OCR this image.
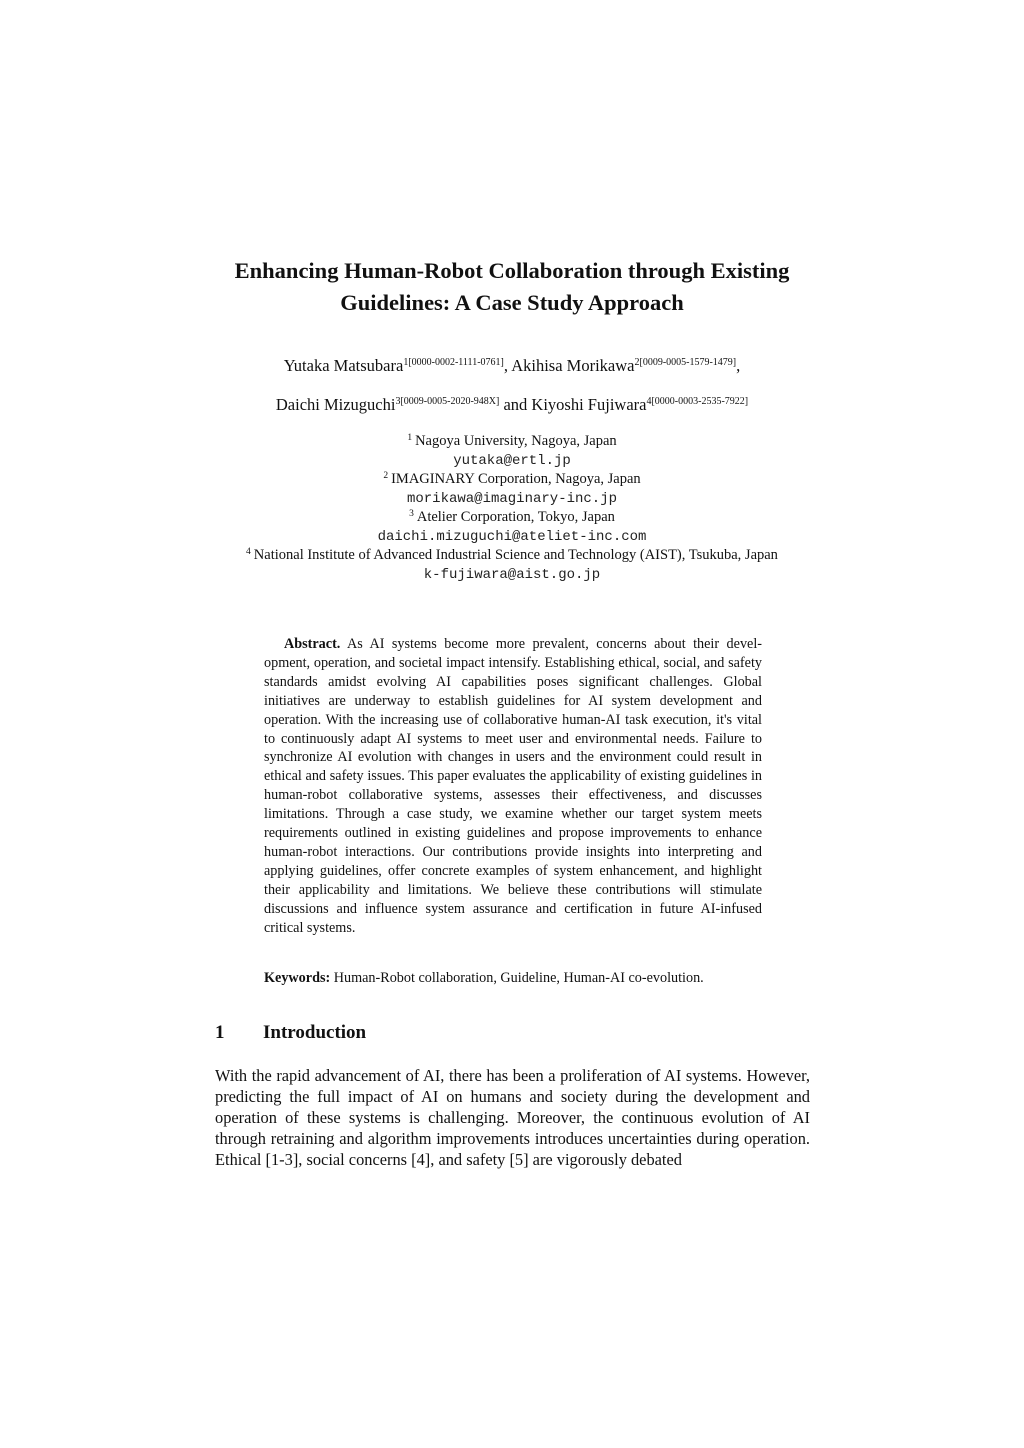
Enhancing Human-Robot Collaboration through Existing
Guidelines: A Case Study Approach
Yutaka Matsubara$^{1[0000-0002-1111-0761]}$, Akihisa Morikawa$^{2[0009-0005-1579-1479]}$,
Daichi Mizuguchi$^{3[0009-0005-2020-948X]}$ and Kiyoshi Fujiwara$^{4[0000-0003-2535-7922]}$
$^1$ Nagoya University, Nagoya, Japan
yutaka@ertl.jp
$^2$ IMAGINARY Corporation, Nagoya, Japan
morikawa@imaginary-inc.jp
$^3$ Atelier Corporation, Tokyo, Japan
daichi.mizuguchi@ateliet-inc.com
$^4$ National Institute of Advanced Industrial Science and Technology (AIST), Tsukuba, Japan
k-fujiwara@aist.go.jp
Abstract. As AI systems become more prevalent, concerns about their development, operation, and societal impact intensify. Establishing ethical, social, and safety standards amidst evolving AI capabilities poses significant challenges. Global initiatives are underway to establish guidelines for AI system development and operation. With the increasing use of collaborative human-AI task execution, it's vital to continuously adapt AI systems to meet user and environmental needs. Failure to synchronize AI evolution with changes in users and the environment could result in ethical and safety issues. This paper evaluates the applicability of existing guidelines in human-robot collaborative systems, assesses their effectiveness, and discusses limitations. Through a case study, we examine whether our target system meets requirements outlined in existing guidelines and propose improvements to enhance human-robot interactions. Our contributions provide insights into interpreting and applying guidelines, offer concrete examples of system enhancement, and highlight their applicability and limitations. We believe these contributions will stimulate discussions and influence system assurance and certification in future AI-infused critical systems.
Keywords: Human-Robot collaboration, Guideline, Human-AI co-evolution.
1 Introduction
With the rapid advancement of AI, there has been a proliferation of AI systems. However, predicting the full impact of AI on humans and society during the development and operation of these systems is challenging. Moreover, the continuous evolution of AI through retraining and algorithm improvements introduces uncertainties during operation. Ethical [1-3], social concerns [4], and safety [5] are vigorously debated
